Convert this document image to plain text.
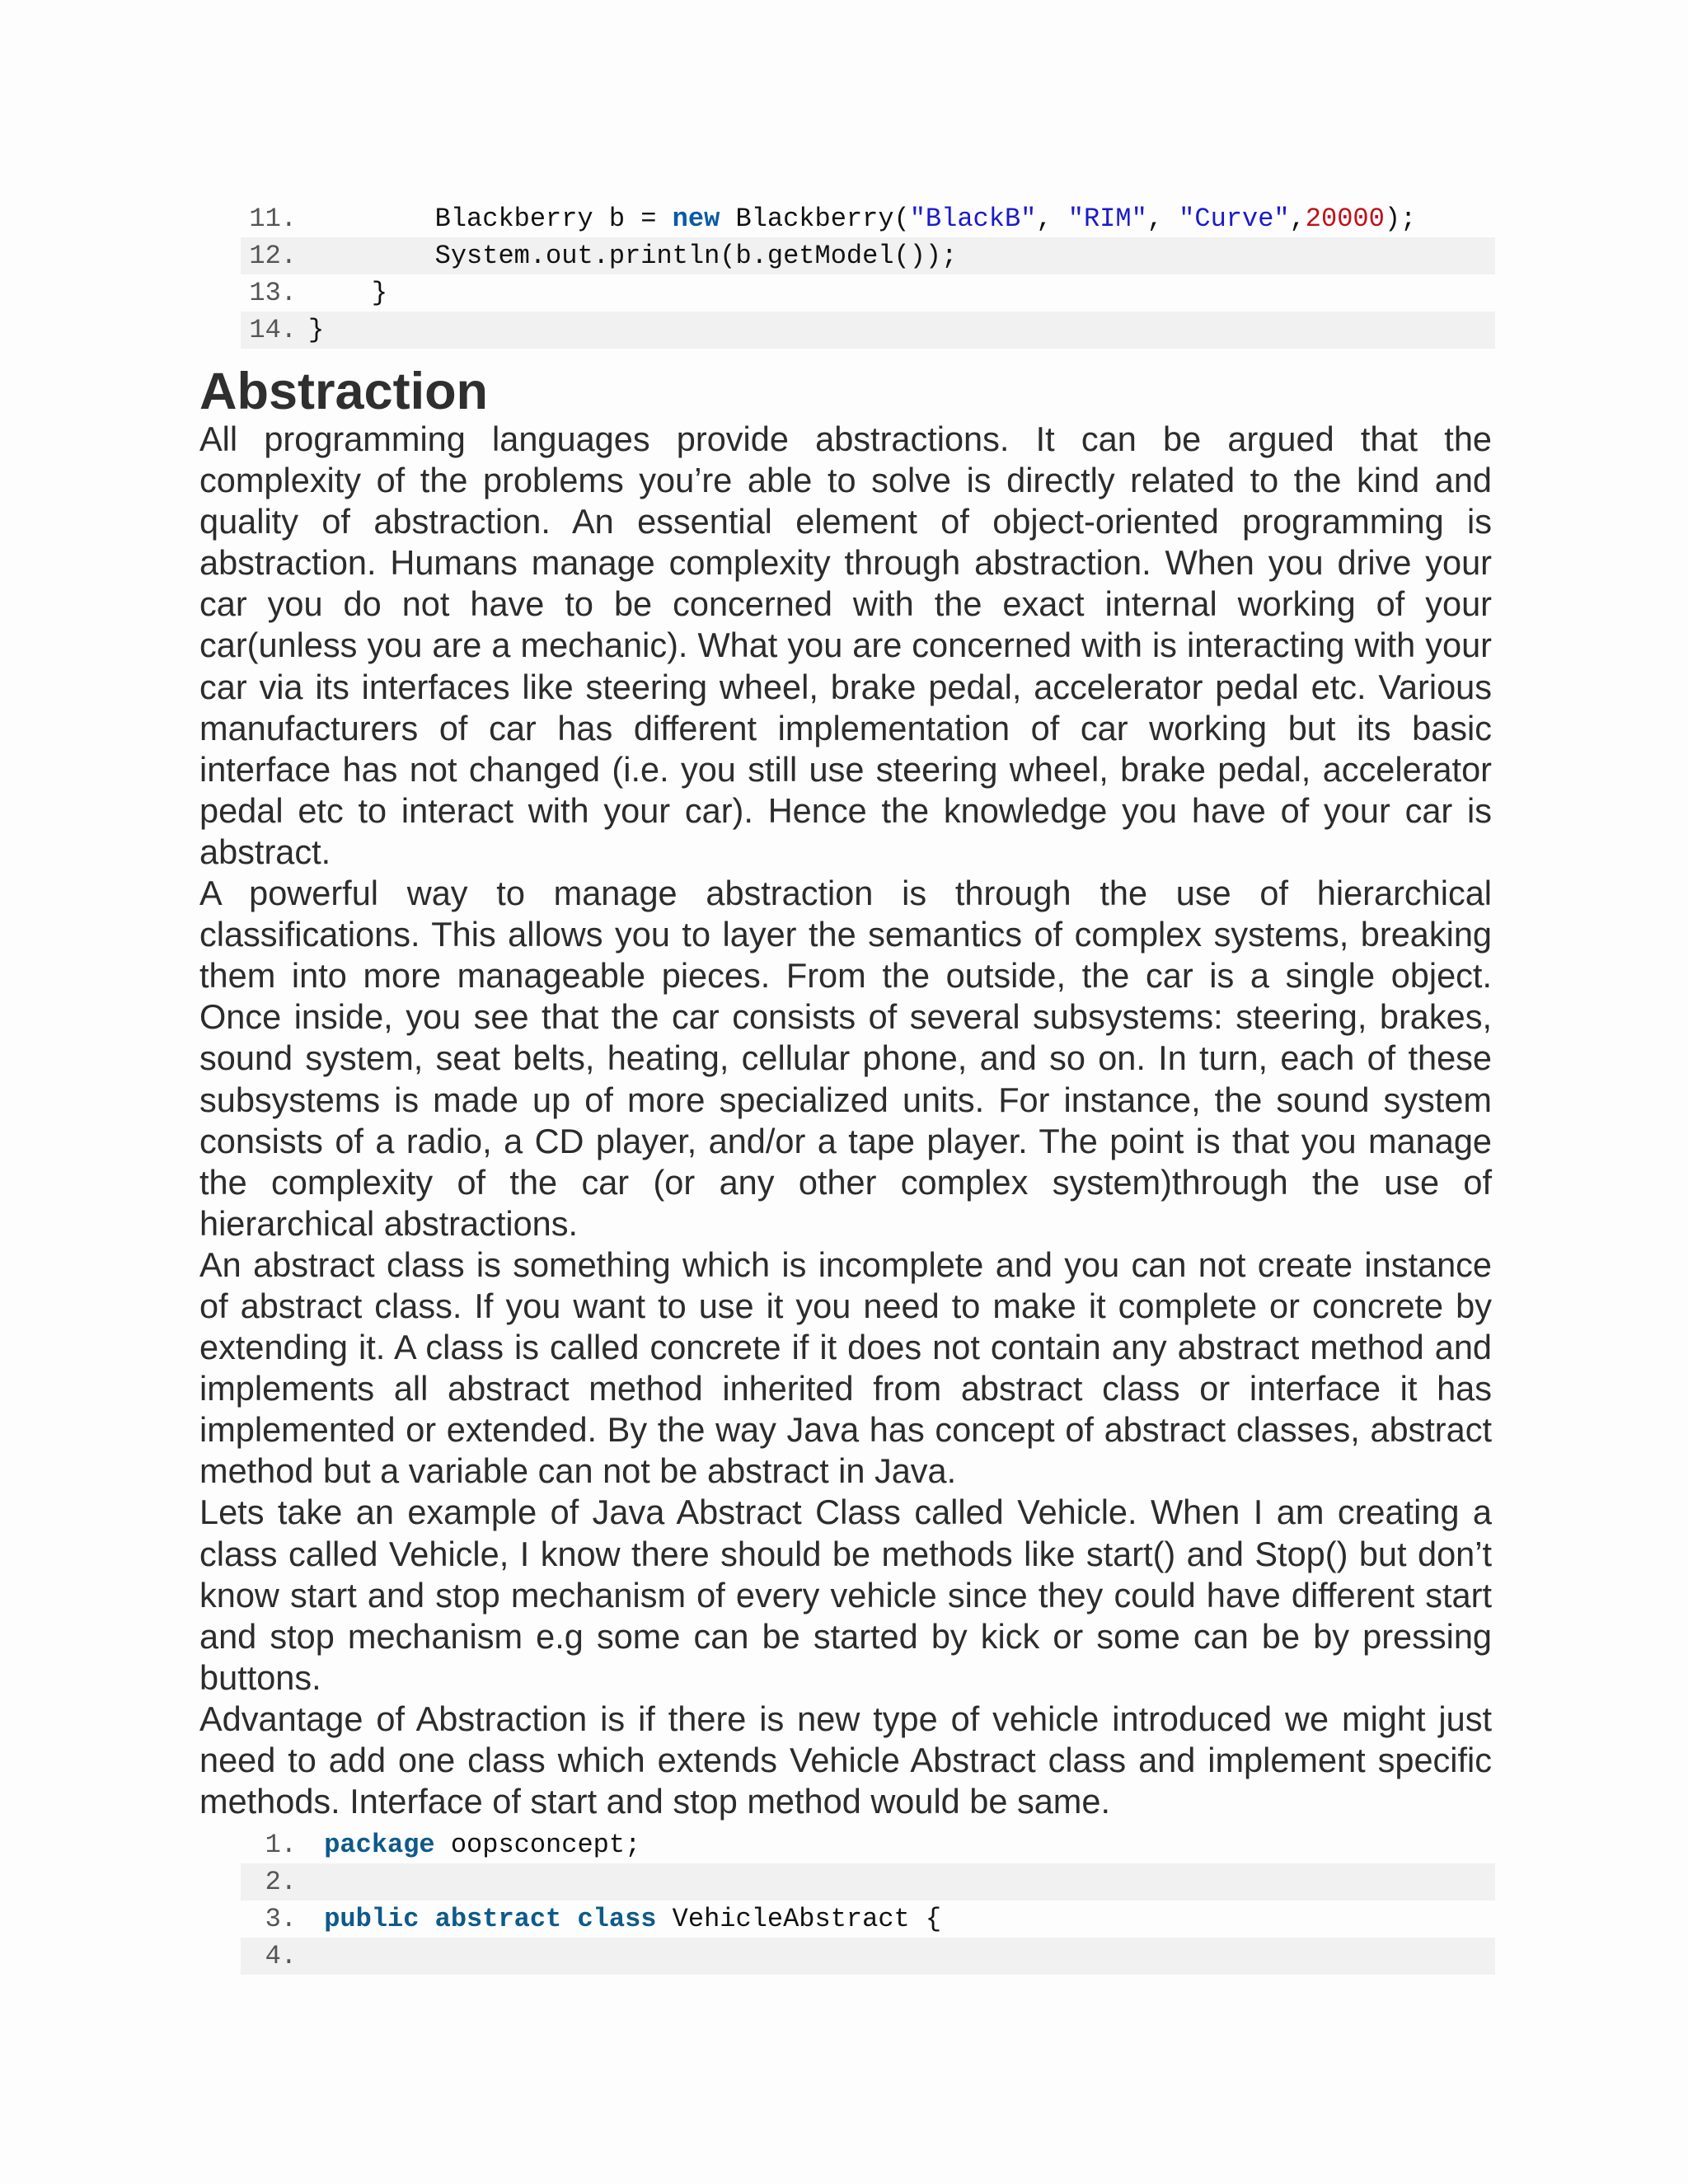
11.	Blackberry b = new Blackberry("BlackB", "RIM", "Curve",20000);
12.        System.out.println(b.getModel());
13.    }
14. }
Abstraction

All programming languages provide abstractions. It can be argued that the complexity of the problems you’re able to solve is directly related to the kind and quality of abstraction. An essential element of object-oriented programming is abstraction. Humans manage complexity through abstraction. When you drive your car you do not have to be concerned with the exact internal working of your car(unless you are a mechanic). What you are concerned with is interacting with your car via its interfaces like steering wheel, brake pedal, accelerator pedal etc. Various manufacturers of car has different implementation of car working but its basic interface has not changed (i.e. you still use steering wheel, brake pedal, accelerator pedal etc to interact with your car). Hence the knowledge you have of your car is abstract.

A powerful way to manage abstraction is through the use of hierarchical classifications. This allows you to layer the semantics of complex systems, breaking them into more manageable pieces. From the outside, the car is a single object. Once inside, you see that the car consists of several subsystems: steering, brakes, sound system, seat belts, heating, cellular phone, and so on. In turn, each of these subsystems is made up of more specialized units. For instance, the sound system consists of a radio, a CD player, and/or a tape player. The point is that you manage the complexity of the car (or any other complex system)through the use of hierarchical abstractions.

An abstract class is something which is incomplete and you can not create instance of abstract class. If you want to use it you need to make it complete or concrete by extending it. A class is called concrete if it does not contain any abstract method and implements all abstract method inherited from abstract class or interface it has implemented or extended. By the way Java has concept of abstract classes, abstract method but a variable can not be abstract in Java.

Lets take an example of Java Abstract Class called Vehicle. When I am creating a class called Vehicle, I know there should be methods like start() and Stop() but don’t know start and stop mechanism of every vehicle since they could have different start and stop mechanism e.g some can be started by kick or some can be by pressing buttons.

Advantage of Abstraction is if there is new type of vehicle introduced we might just need to add one class which extends Vehicle Abstract class and implement specific methods. Interface of start and stop method would be same.

1. package oopsconcept;
2.
3. public abstract class VehicleAbstract {
4.
